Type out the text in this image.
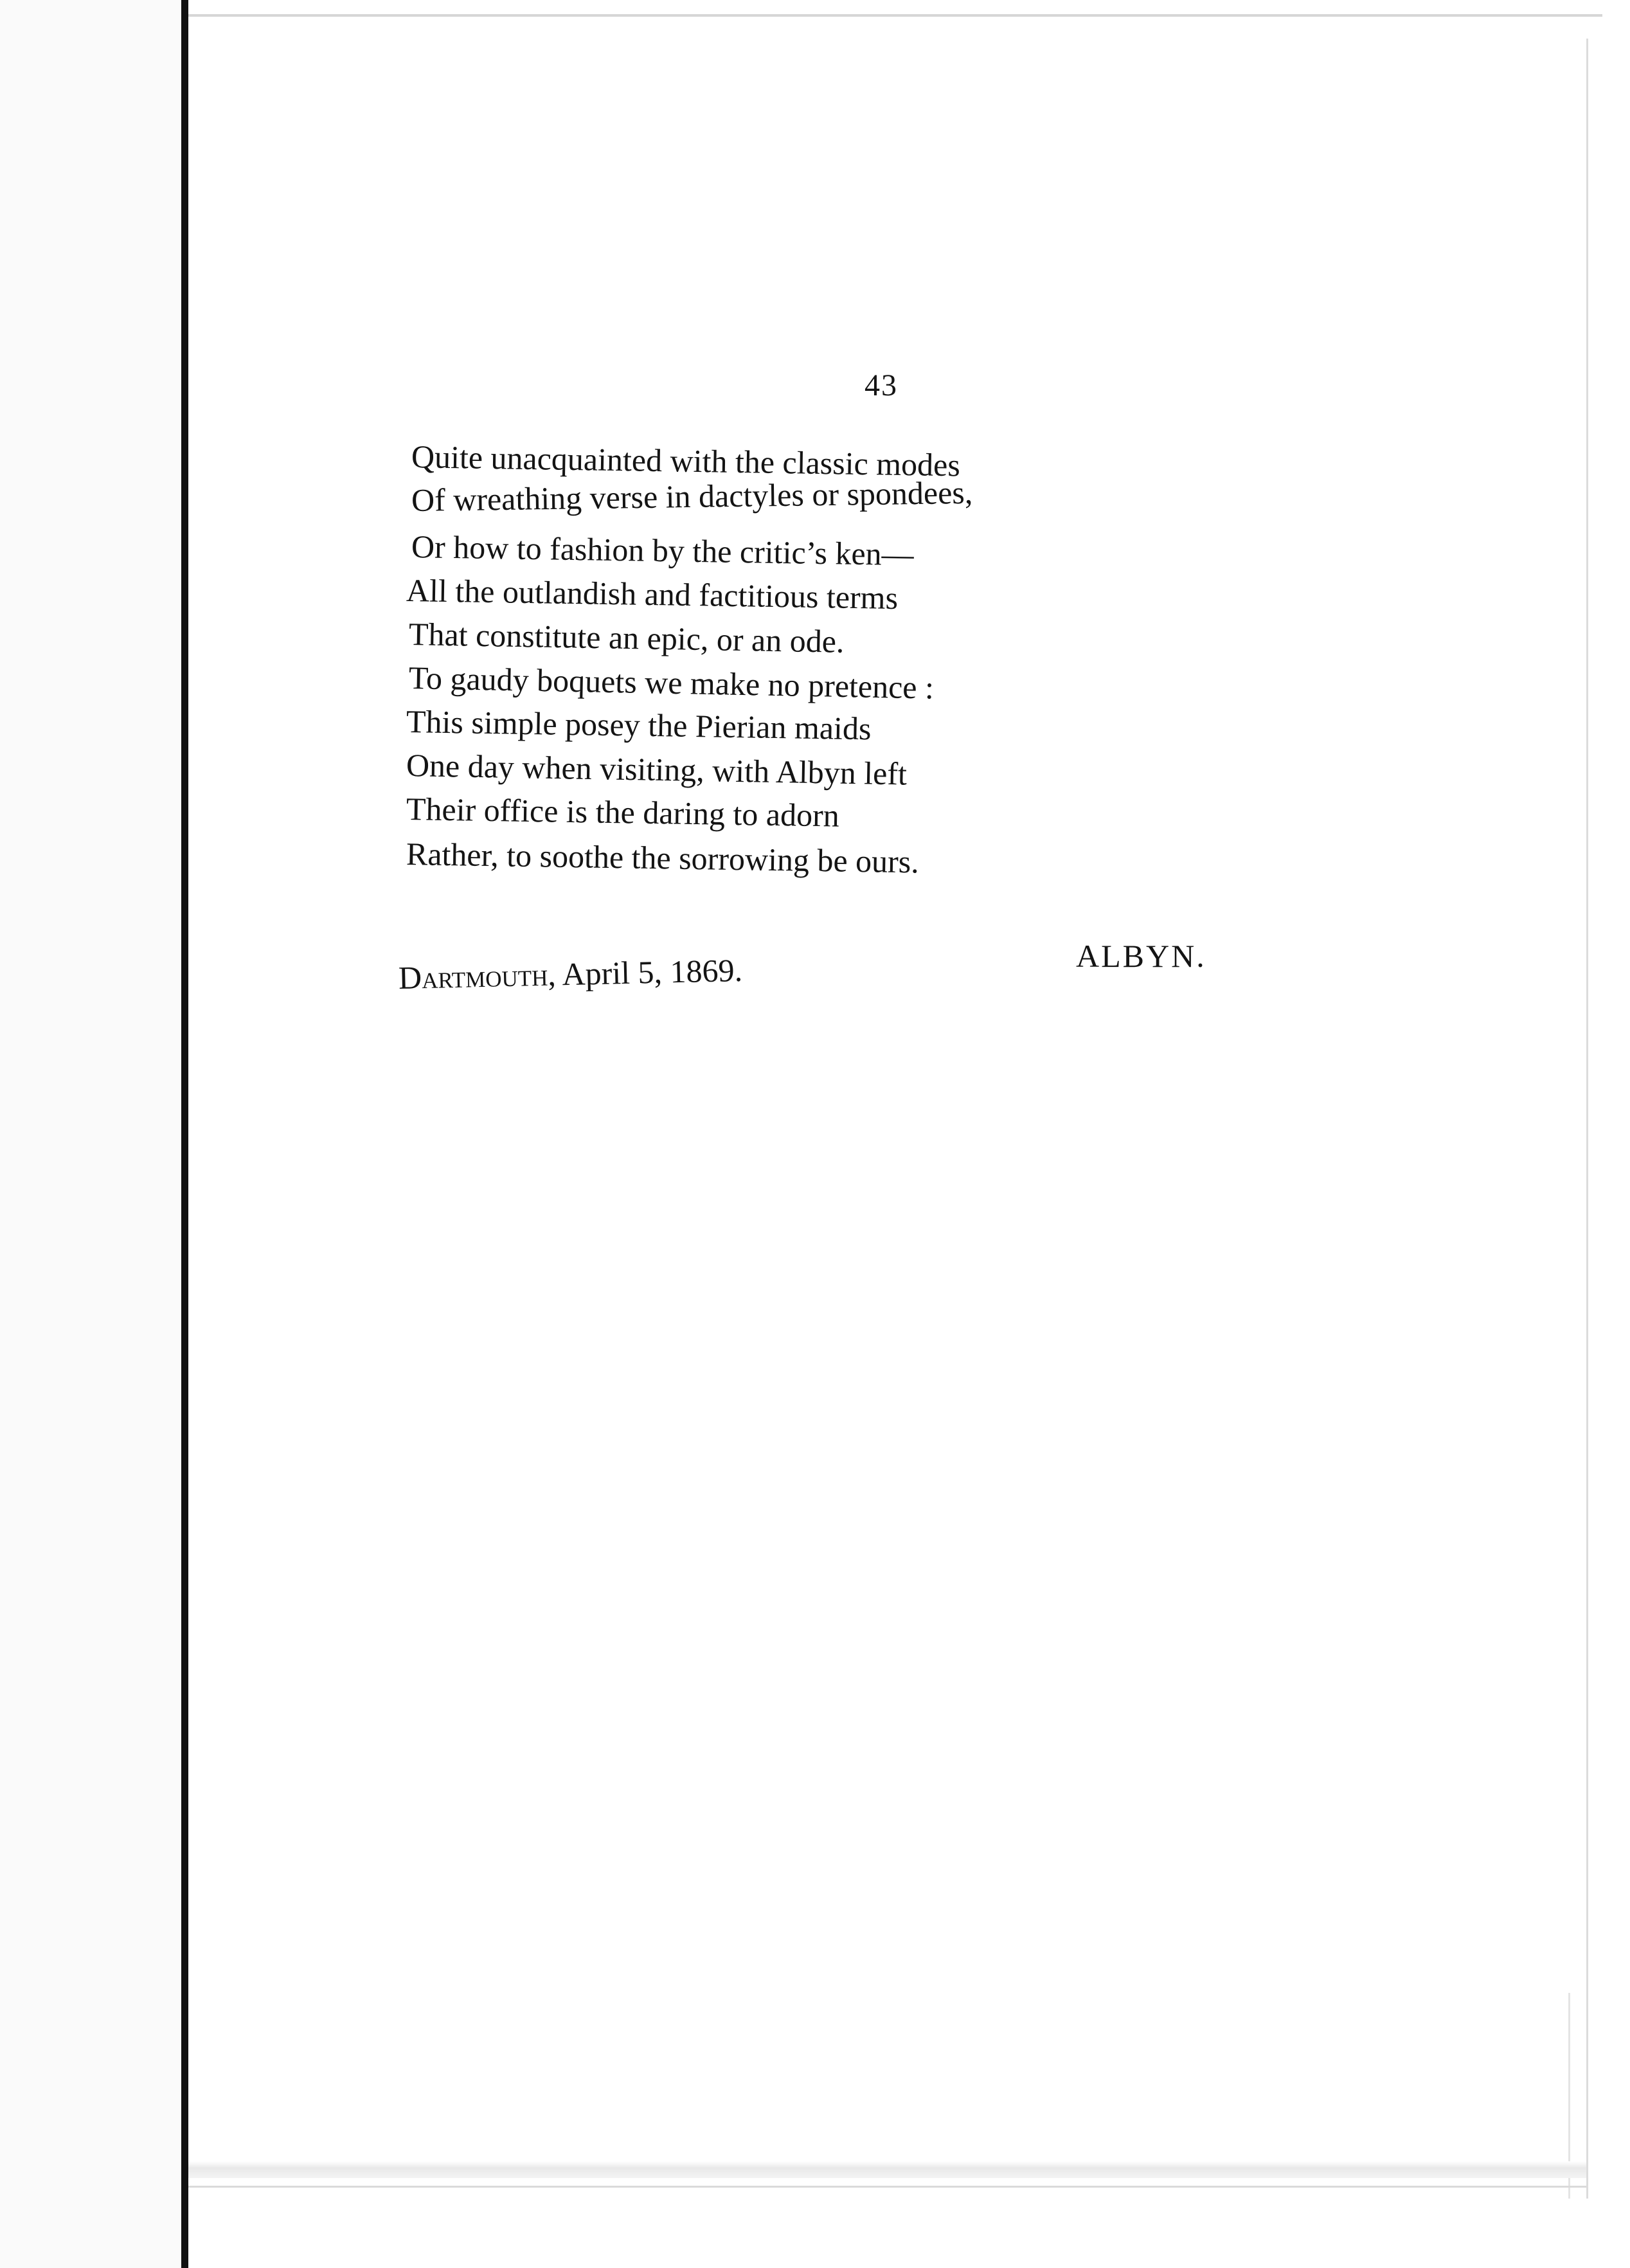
43
Quite unacquainted with the classic modes
Of wreathing verse in dactyles or spondees,
Or how to fashion by the critic’s ken—
All the outlandish and factitious terms
That constitute an epic, or an ode.
To gaudy boquets we make no pretence :
This simple posey the Pierian maids
One day when visiting, with Albyn left
Their office is the daring to adorn
Rather, to soothe the sorrowing be ours.
Dartmouth, April 5, 1869.	ALBYN.
